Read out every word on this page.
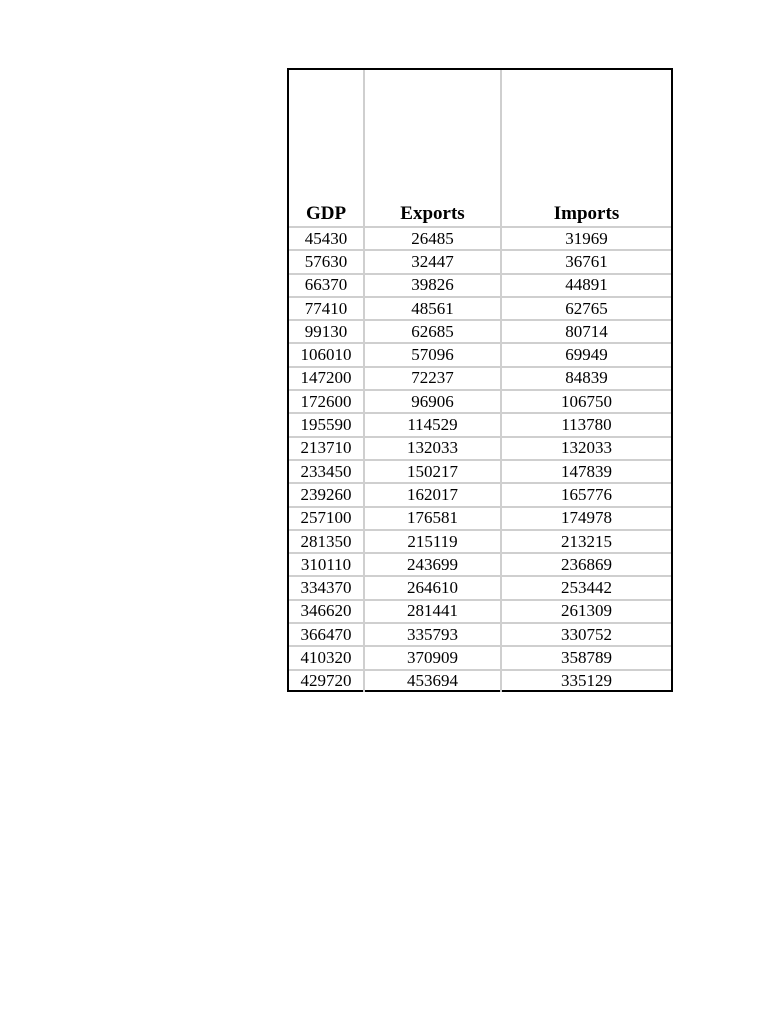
GDP	Exports	Imports
45430	26485	31969
57630	32447	36761
66370	39826	44891
77410	48561	62765
99130	62685	80714
106010	57096	69949
147200	72237	84839
172600	96906	106750
195590	114529	113780
213710	132033	132033
233450	150217	147839
239260	162017	165776
257100	176581	174978
281350	215119	213215
310110	243699	236869
334370	264610	253442
346620	281441	261309
366470	335793	330752
410320	370909	358789
429720	453694	335129
